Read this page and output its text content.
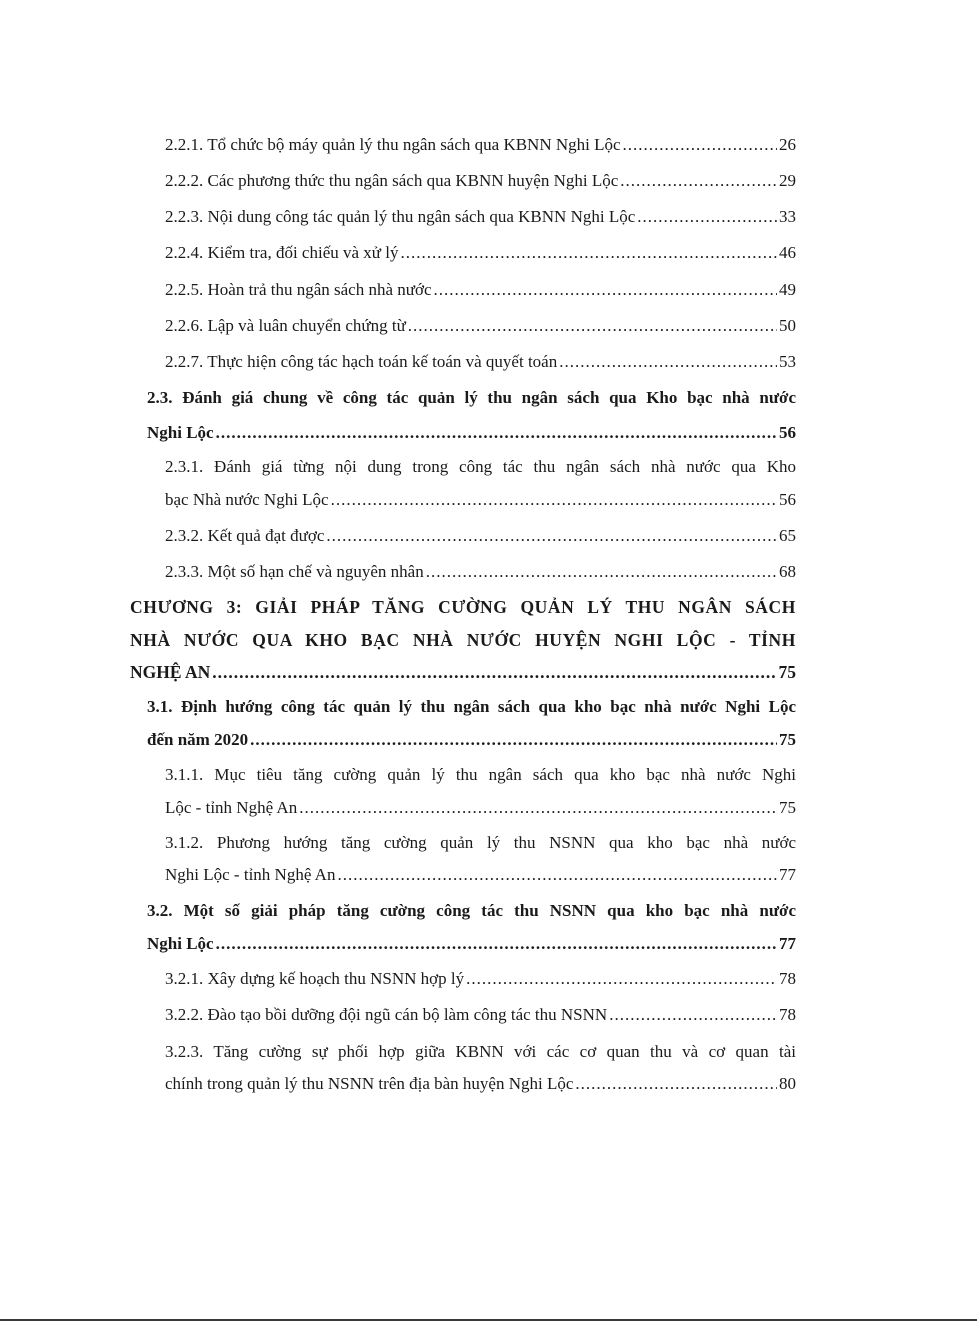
2.2.1. Tổ chức bộ máy quản lý thu ngân sách qua KBNN Nghi Lộc .....	26
2.2.2. Các phương thức thu ngân sách qua KBNN huyện Nghi Lộc .....	29
2.2.3. Nội dung công tác quản lý thu ngân sách qua KBNN Nghi Lộc .....	33
2.2.4. Kiểm tra, đối chiếu và xử lý .....	46
2.2.5. Hoàn trả thu ngân sách nhà nước .....	49
2.2.6. Lập và luân chuyển chứng từ .....	50
2.2.7. Thực hiện công tác hạch toán kế toán và quyết toán .....	53
2.3. Đánh giá chung về công tác quản lý thu ngân sách qua Kho bạc nhà nước
Nghi Lộc .....	56
2.3.1. Đánh giá từng nội dung trong công tác thu ngân sách nhà nước qua Kho
bạc Nhà nước Nghi Lộc .....	56
2.3.2. Kết quả đạt được .....	65
2.3.3. Một số hạn chế và nguyên nhân .....	68
CHƯƠNG 3: GIẢI PHÁP TĂNG CƯỜNG QUẢN LÝ THU NGÂN SÁCH
NHÀ NƯỚC QUA KHO BẠC NHÀ NƯỚC HUYỆN NGHI LỘC - TỈNH
NGHỆ AN .....	75
3.1. Định hướng công tác quản lý thu ngân sách qua kho bạc nhà nước Nghi Lộc
đến năm 2020 .....	75
3.1.1. Mục tiêu tăng cường quản lý thu ngân sách qua kho bạc nhà nước Nghi
Lộc - tỉnh Nghệ An .....	75
3.1.2. Phương hướng tăng cường quản lý thu NSNN qua kho bạc nhà nước
Nghi Lộc - tỉnh Nghệ An .....	77
3.2. Một số giải pháp tăng cường công tác thu NSNN qua kho bạc nhà nước
Nghi Lộc .....	77
3.2.1. Xây dựng kế hoạch thu NSNN hợp lý .....	78
3.2.2. Đào tạo bồi dưỡng đội ngũ cán bộ làm công tác thu NSNN .....	78
3.2.3. Tăng cường sự phối hợp giữa KBNN với các cơ quan thu và cơ quan tài
chính trong quản lý thu NSNN trên địa bàn huyện Nghi Lộc .....	80
